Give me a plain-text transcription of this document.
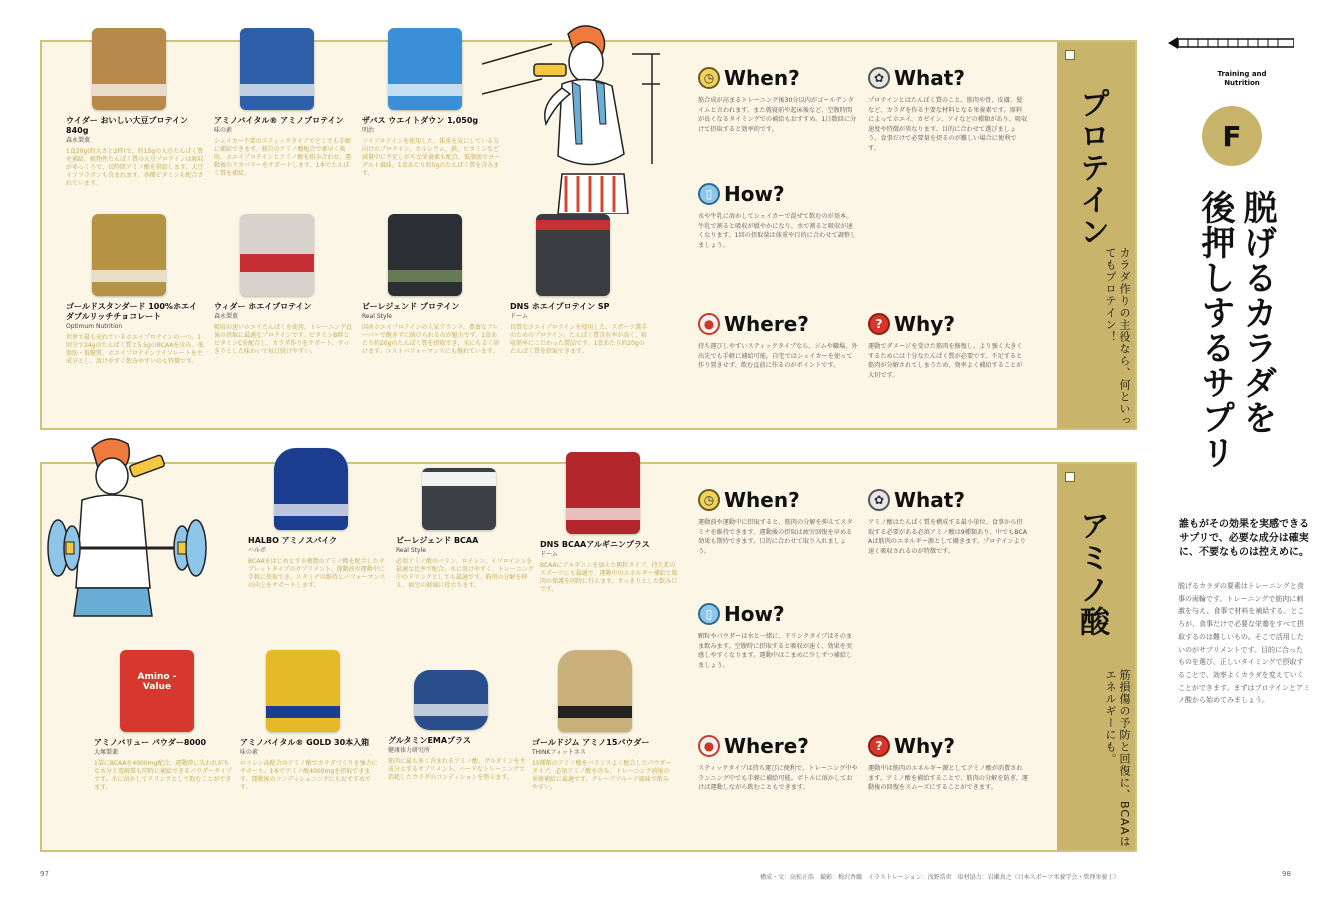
ウイダー おいしい大豆プロテイン 840g
森永製菓
1食20g(約大さじ2杯)で、約15gの大豆たんぱく質を補給。植物性たんぱく質の大豆プロテインは吸収がゆっくりで、長時間アミノ酸を供給します。大豆イソフラボンも含まれます。各種ビタミンも配合されています。
アミノバイタル® アミノプロテイン
味の素
シェイカー不要のスティックタイプでどこでも手軽に補給できます。独自のアミノ酸配合で素早く吸収。ホエイプロテインとアミノ酸を組み合わせ、運動後のリカバリーをサポートします。1本でたんぱく質を補給。
ザバス ウエイトダウン 1,050g
明治
ソイプロテインを使用した、体重を気にしている方向けのプロテイン。カルシウム、鉄、ビタミンなど減量中に不足しがちな栄養素も配合。低脂肪でヨーグルト風味。1食あたり約5gのたんぱく質を含みます。
ゴールドスタンダード 100%ホエイ ダブルリッチチョコレート
Optimum Nutrition
世界で最も売れているホエイプロテインの一つ。1回分で24gのたんぱく質と5.5gのBCAAを含み、低脂肪・低糖質。ホエイプロテインアイソレートを主成分とし、溶けやすく飲みやすいのも特徴です。
ウィダー ホエイプロテイン
森永製菓
吸収の速いホエイたんぱくを使用。トレーニング直後の摂取に最適なプロテインです。ビタミンB群とビタミンCを配合し、カラダ作りをサポート。すっきりとした味わいで毎日続けやすい。
ビーレジェンド プロテイン
Real Style
国産ホエイプロテインの人気ブランド。豊富なフレーバーで飽きずに続けられるのが魅力です。1食あたり約20gのたんぱく質を摂取でき、水にもよく溶けます。コストパフォーマンスにも優れています。
DNS ホエイプロテイン SP
ドーム
良質なホエイプロテインを使用した、スポーツ選手のためのプロテイン。たんぱく質含有率が高く、吸収効率にこだわった製品です。1食あたり約20gのたんぱく質を摂取できます。
◷ When?
筋合成が高まるトレーニング後30分以内がゴールデンタイムと言われます。また就寝前や起床後など、空腹時間が長くなるタイミングでの補給もおすすめ。1日数回に分けて摂取すると効率的です。
▯ How?
水や牛乳に溶かしてシェイカーで混ぜて飲むのが基本。牛乳で割ると吸収が緩やかになり、水で割ると吸収が速くなります。1回の摂取量は体重や目的に合わせて調整しましょう。
● Where?
持ち運びしやすいスティックタイプなら、ジムや職場、外出先でも手軽に補給可能。自宅ではシェイカーを使って作り置きせず、飲む直前に作るのがポイントです。
✿ What?
プロテインとはたんぱく質のこと。筋肉や骨、皮膚、髪など、カラダを作る主要な材料となる栄養素です。原料によってホエイ、カゼイン、ソイなどの種類があり、吸収速度や特徴が異なります。目的に合わせて選びましょう。食事だけで必要量を摂るのが難しい場合に便利です。
? Why?
運動でダメージを受けた筋肉を修復し、より強く大きくするためには十分なたんぱく質が必要です。不足すると筋肉が分解されてしまうため、効率よく補給することが大切です。
プロテイン
カラダ作りの主役なら、何といってもプロテイン！
HALBO アミノスパイク
ハルボ
BCAAをはじめとする複数のアミノ酸を配合したタブレットタイプのサプリメント。運動前や運動中に手軽に摂取でき、スタミナの維持とパフォーマンスの向上をサポートします。
ビーレジェンド BCAA
Real Style
必須アミノ酸のバリン、ロイシン、イソロイシンを最適な比率で配合。水に溶けやすく、トレーニング中のドリンクとしても最適です。筋肉の分解を抑え、疲労の軽減に役立ちます。
DNS BCAAアルギニンプラス
ドーム
BCAAにアルギニンを加えた顆粒タイプ。持久系のスポーツにも最適で、運動中のエネルギー補給と筋肉の保護を同時に行えます。すっきりとした飲み口です。
Amino -Value
アミノバリュー パウダー8000
大塚製薬
1袋にBCAAを4000mg配合。運動時に失われがちな水分と電解質も同時に補給できるパウダータイプです。水に溶かしてドリンクとして飲むことができます。
アミノバイタル® GOLD 30本入箱
味の素
ロイシン高配合のアミノ酸でカラダづくりを強力にサポート。1本でアミノ酸4000mgを摂取できます。運動後のコンディショニングにもおすすめです。
グルタミンEMAプラス
健康体力研究所
筋肉に最も多く含まれるアミノ酸、グルタミンを主成分とするサプリメント。ハードなトレーニングで消耗したカラダのコンディションを整えます。
ゴールドジム アミノ15パウダー
THINKフィットネス
15種類のアミノ酸をバランスよく配合したパウダータイプ。必須アミノ酸を含み、トレーニング前後の栄養補給に最適です。グレープフルーツ風味で飲みやすい。
◷ When?
運動前や運動中に摂取すると、筋肉の分解を抑えてスタミナを維持できます。運動後の摂取は疲労回復を早める効果も期待できます。目的に合わせて取り入れましょう。
▯ How?
顆粒やパウダーは水と一緒に、ドリンクタイプはそのまま飲みます。空腹時に摂取すると吸収が速く、効果を実感しやすくなります。運動中はこまめに少しずつ補給しましょう。
● Where?
スティックタイプは持ち運びに便利で、トレーニング中やランニング中でも手軽に補給可能。ボトルに溶かしておけば運動しながら飲むこともできます。
✿ What?
アミノ酸はたんぱく質を構成する最小単位。食事から摂取する必要がある必須アミノ酸は9種類あり、中でもBCAAは筋肉のエネルギー源として働きます。プロテインより速く吸収されるのが特徴です。
? Why?
運動中は筋肉のエネルギー源としてアミノ酸が消費されます。アミノ酸を補給することで、筋肉の分解を防ぎ、運動後の回復をスムーズにすることができます。
アミノ酸
筋損傷の予防と回復に、BCAAはエネルギーにも。
Training and Nutrition
F
脱げるカラダを
後押しするサプリ
誰もがその効果を実感できるサプリで、必要な成分は確実に、不要なものは控えめに。
脱げるカラダの要素はトレーニングと食事の両輪です。トレーニングで筋肉に刺激を与え、食事で材料を補給する。ところが、食事だけで必要な栄養をすべて摂取するのは難しいもの。そこで活用したいのがサプリメントです。目的に合ったものを選び、正しいタイミングで摂取することで、効率よくカラダを変えていくことができます。まずはプロテインとアミノ酸から始めてみましょう。
97	構成・文：高松正浩　撮影：梅沢香織　イラストレーション：浅野浩世　取材協力：岩瀬真之（日本スポーツ栄養学会・管理栄養士）	98
